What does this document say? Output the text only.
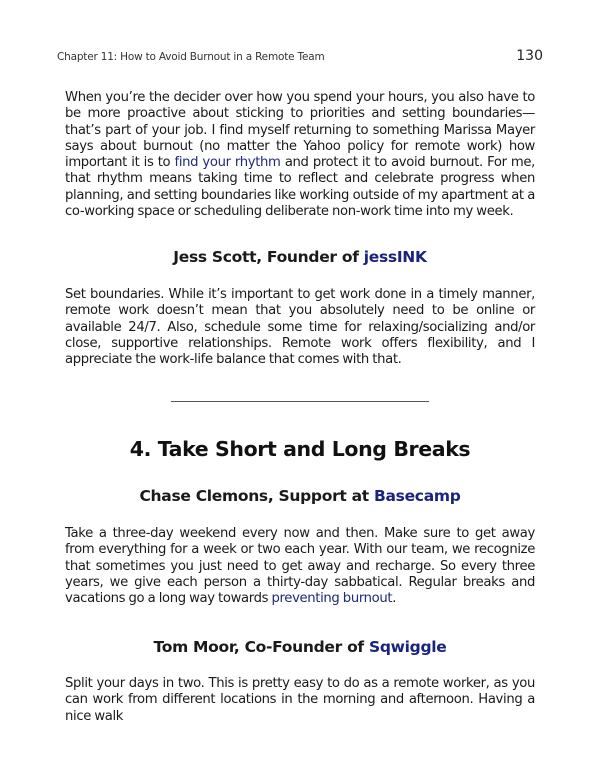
Chapter 11: How to Avoid Burnout in a Remote Team	130

When you’re the decider over how you spend your hours, you also have to be more proactive about sticking to priorities and setting boundaries—that’s part of your job. I find myself returning to something Marissa Mayer says about burnout (no matter the Yahoo policy for remote work) how important it is to find your rhythm and protect it to avoid burnout. For me, that rhythm means taking time to reflect and celebrate progress when planning, and setting boundaries like working outside of my apartment at a co-working space or scheduling deliberate non-work time into my week.

Jess Scott, Founder of jessINK

Set boundaries. While it’s important to get work done in a timely manner, remote work doesn’t mean that you absolutely need to be online or available 24/7. Also, schedule some time for relaxing/socializing and/or close, supportive relationships. Remote work offers flexibility, and I appreciate the work-life balance that comes with that.

4. Take Short and Long Breaks
Chase Clemons, Support at Basecamp

Take a three-day weekend every now and then. Make sure to get away from everything for a week or two each year. With our team, we recognize that sometimes you just need to get away and recharge. So every three years, we give each person a thirty-day sabbatical. Regular breaks and vacations go a long way towards preventing burnout.

Tom Moor, Co-Founder of Sqwiggle

Split your days in two. This is pretty easy to do as a remote worker, as you can work from different locations in the morning and afternoon. Having a nice walk
